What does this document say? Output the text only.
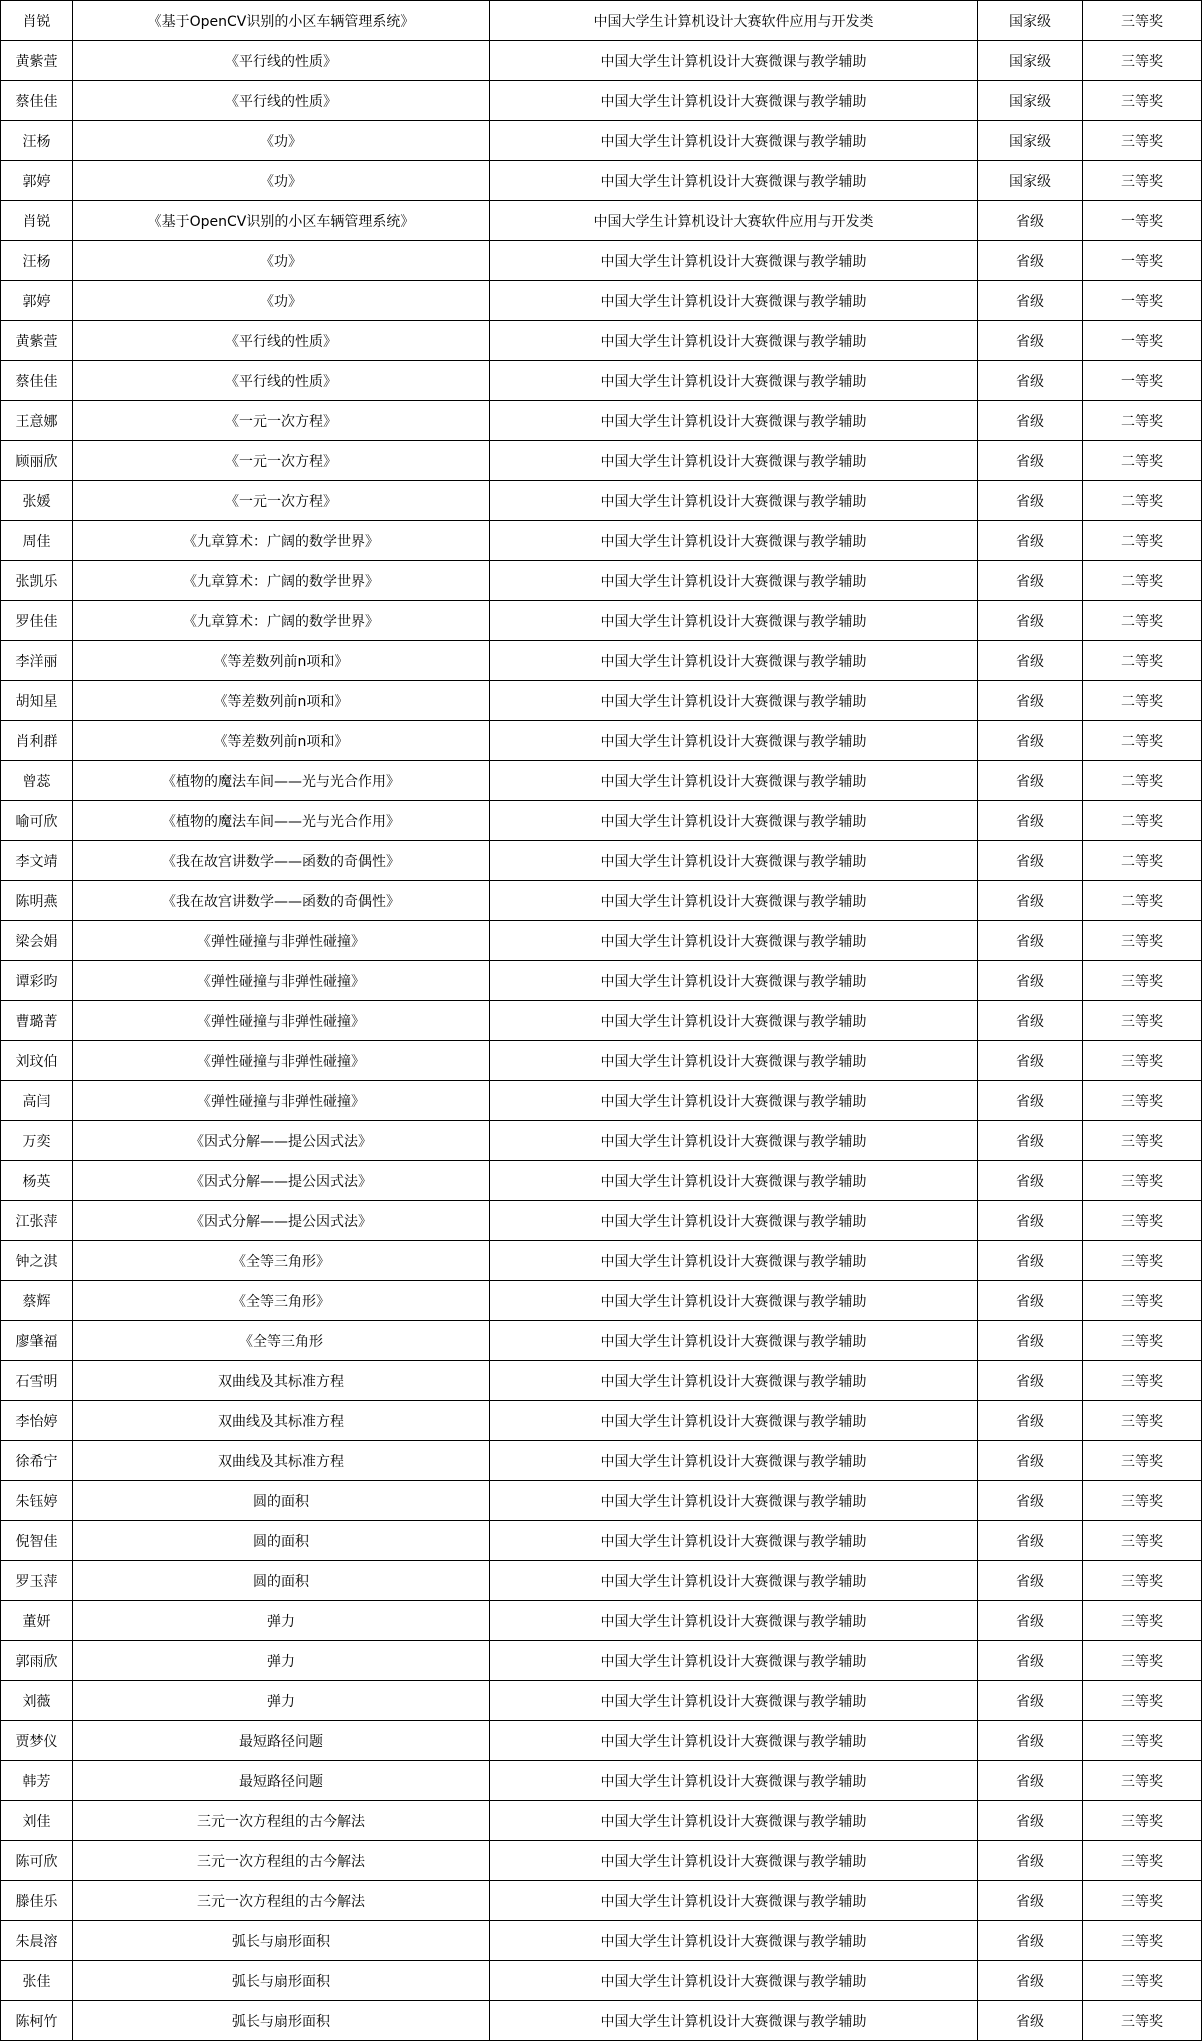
肖锐	《基于OpenCV识别的小区车辆管理系统》	中国大学生计算机设计大赛软件应用与开发类	国家级	三等奖
黄紫萱	《平行线的性质》	中国大学生计算机设计大赛微课与教学辅助	国家级	三等奖
蔡佳佳	《平行线的性质》	中国大学生计算机设计大赛微课与教学辅助	国家级	三等奖
汪杨	《功》	中国大学生计算机设计大赛微课与教学辅助	国家级	三等奖
郭婷	《功》	中国大学生计算机设计大赛微课与教学辅助	国家级	三等奖
肖锐	《基于OpenCV识别的小区车辆管理系统》	中国大学生计算机设计大赛软件应用与开发类	省级	一等奖
汪杨	《功》	中国大学生计算机设计大赛微课与教学辅助	省级	一等奖
郭婷	《功》	中国大学生计算机设计大赛微课与教学辅助	省级	一等奖
黄紫萱	《平行线的性质》	中国大学生计算机设计大赛微课与教学辅助	省级	一等奖
蔡佳佳	《平行线的性质》	中国大学生计算机设计大赛微课与教学辅助	省级	一等奖
王意娜	《一元一次方程》	中国大学生计算机设计大赛微课与教学辅助	省级	二等奖
顾丽欣	《一元一次方程》	中国大学生计算机设计大赛微课与教学辅助	省级	二等奖
张媛	《一元一次方程》	中国大学生计算机设计大赛微课与教学辅助	省级	二等奖
周佳	《九章算术：广阔的数学世界》	中国大学生计算机设计大赛微课与教学辅助	省级	二等奖
张凯乐	《九章算术：广阔的数学世界》	中国大学生计算机设计大赛微课与教学辅助	省级	二等奖
罗佳佳	《九章算术：广阔的数学世界》	中国大学生计算机设计大赛微课与教学辅助	省级	二等奖
李洋丽	《等差数列前n项和》	中国大学生计算机设计大赛微课与教学辅助	省级	二等奖
胡知星	《等差数列前n项和》	中国大学生计算机设计大赛微课与教学辅助	省级	二等奖
肖利群	《等差数列前n项和》	中国大学生计算机设计大赛微课与教学辅助	省级	二等奖
曾蕊	《植物的魔法车间——光与光合作用》	中国大学生计算机设计大赛微课与教学辅助	省级	二等奖
喻可欣	《植物的魔法车间——光与光合作用》	中国大学生计算机设计大赛微课与教学辅助	省级	二等奖
李文靖	《我在故宫讲数学——函数的奇偶性》	中国大学生计算机设计大赛微课与教学辅助	省级	二等奖
陈明燕	《我在故宫讲数学——函数的奇偶性》	中国大学生计算机设计大赛微课与教学辅助	省级	二等奖
梁会娟	《弹性碰撞与非弹性碰撞》	中国大学生计算机设计大赛微课与教学辅助	省级	三等奖
谭彩昀	《弹性碰撞与非弹性碰撞》	中国大学生计算机设计大赛微课与教学辅助	省级	三等奖
曹璐菁	《弹性碰撞与非弹性碰撞》	中国大学生计算机设计大赛微课与教学辅助	省级	三等奖
刘玟伯	《弹性碰撞与非弹性碰撞》	中国大学生计算机设计大赛微课与教学辅助	省级	三等奖
高闫	《弹性碰撞与非弹性碰撞》	中国大学生计算机设计大赛微课与教学辅助	省级	三等奖
万奕	《因式分解——提公因式法》	中国大学生计算机设计大赛微课与教学辅助	省级	三等奖
杨英	《因式分解——提公因式法》	中国大学生计算机设计大赛微课与教学辅助	省级	三等奖
江张萍	《因式分解——提公因式法》	中国大学生计算机设计大赛微课与教学辅助	省级	三等奖
钟之淇	《全等三角形》	中国大学生计算机设计大赛微课与教学辅助	省级	三等奖
蔡辉	《全等三角形》	中国大学生计算机设计大赛微课与教学辅助	省级	三等奖
廖肇福	《全等三角形	中国大学生计算机设计大赛微课与教学辅助	省级	三等奖
石雪明	双曲线及其标准方程	中国大学生计算机设计大赛微课与教学辅助	省级	三等奖
李怡婷	双曲线及其标准方程	中国大学生计算机设计大赛微课与教学辅助	省级	三等奖
徐希宁	双曲线及其标准方程	中国大学生计算机设计大赛微课与教学辅助	省级	三等奖
朱钰婷	圆的面积	中国大学生计算机设计大赛微课与教学辅助	省级	三等奖
倪智佳	圆的面积	中国大学生计算机设计大赛微课与教学辅助	省级	三等奖
罗玉萍	圆的面积	中国大学生计算机设计大赛微课与教学辅助	省级	三等奖
董妍	弹力	中国大学生计算机设计大赛微课与教学辅助	省级	三等奖
郭雨欣	弹力	中国大学生计算机设计大赛微课与教学辅助	省级	三等奖
刘薇	弹力	中国大学生计算机设计大赛微课与教学辅助	省级	三等奖
贾梦仪	最短路径问题	中国大学生计算机设计大赛微课与教学辅助	省级	三等奖
韩芳	最短路径问题	中国大学生计算机设计大赛微课与教学辅助	省级	三等奖
刘佳	三元一次方程组的古今解法	中国大学生计算机设计大赛微课与教学辅助	省级	三等奖
陈可欣	三元一次方程组的古今解法	中国大学生计算机设计大赛微课与教学辅助	省级	三等奖
滕佳乐	三元一次方程组的古今解法	中国大学生计算机设计大赛微课与教学辅助	省级	三等奖
朱晨溶	弧长与扇形面积	中国大学生计算机设计大赛微课与教学辅助	省级	三等奖
张佳	弧长与扇形面积	中国大学生计算机设计大赛微课与教学辅助	省级	三等奖
陈柯竹	弧长与扇形面积	中国大学生计算机设计大赛微课与教学辅助	省级	三等奖
